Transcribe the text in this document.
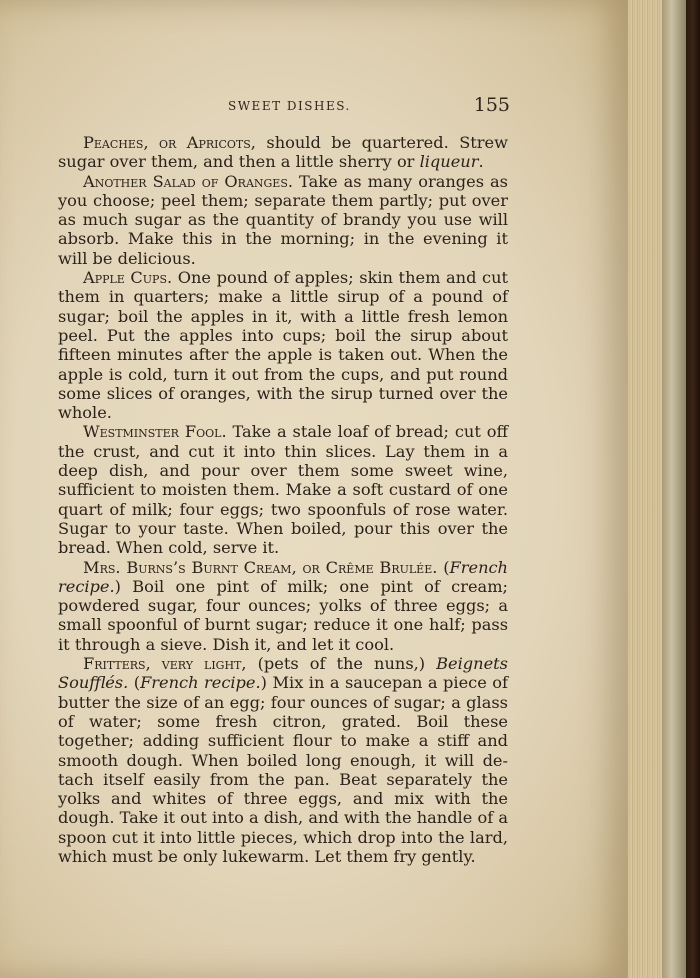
SWEET DISHES.	155

Peaches, or Apricots, should be quartered. Strew sugar over them, and then a little sherry or liqueur.

Another Salad of Oranges. Take as many oranges as you choose; peel them; separate them partly; put over as much sugar as the quantity of brandy you use will absorb. Make this in the morning; in the evening it will be delicious.

Apple Cups. One pound of apples; skin them and cut them in quarters; make a little sirup of a pound of sugar; boil the apples in it, with a little fresh lemon peel. Put the apples into cups; boil the sirup about fifteen minutes after the apple is taken out. When the apple is cold, turn it out from the cups, and put round some slices of oranges, with the sirup turned over the whole.

Westminster Fool. Take a stale loaf of bread; cut off the crust, and cut it into thin slices. Lay them in a deep dish, and pour over them some sweet wine, sufficient to moisten them. Make a soft custard of one quart of milk; four eggs; two spoonfuls of rose water. Sugar to your taste. When boiled, pour this over the bread. When cold, serve it.

Mrs. Burns’s Burnt Cream, or Crême Brulée. (French recipe.) Boil one pint of milk; one pint of cream; powdered sugar, four ounces; yolks of three eggs; a small spoonful of burnt sugar; reduce it one half; pass it through a sieve. Dish it, and let it cool.

Fritters, very light, (pets of the nuns,) Beignets Soufflés. (French recipe.) Mix in a saucepan a piece of butter the size of an egg; four ounces of sugar; a glass of water; some fresh citron, grated. Boil these together; adding sufficient flour to make a stiff and smooth dough. When boiled long enough, it will detach itself easily from the pan. Beat separately the yolks and whites of three eggs, and mix with the dough. Take it out into a dish, and with the handle of a spoon cut it into little pieces, which drop into the lard, which must be only lukewarm. Let them fry gently.
